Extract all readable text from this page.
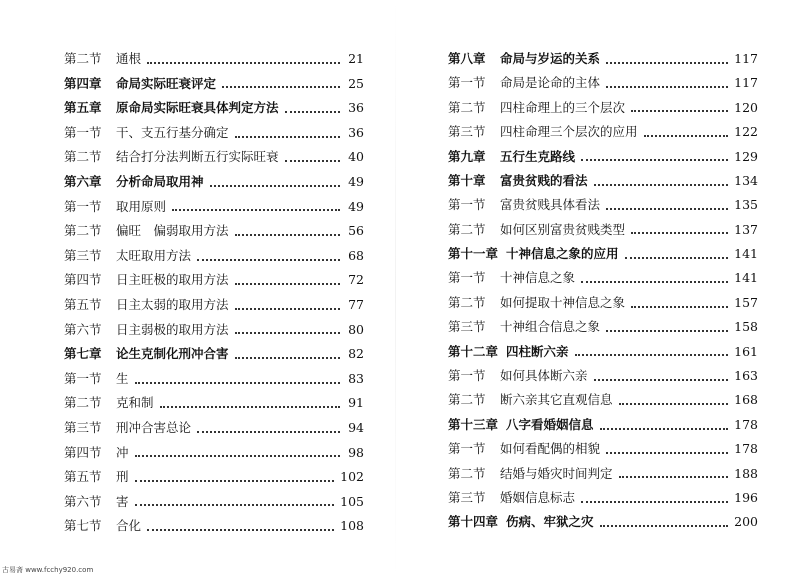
第二节	通根	21
第四章	命局实际旺衰评定	25
第五章	原命局实际旺衰具体判定方法	36
第一节	干、支五行基分确定	36
第二节	结合打分法判断五行实际旺衰	40
第六章	分析命局取用神	49
第一节	取用原则	49
第二节	偏旺　偏弱取用方法	56
第三节	太旺取用方法	68
第四节	日主旺极的取用方法	72
第五节	日主太弱的取用方法	77
第六节	日主弱极的取用方法	80
第七章	论生克制化刑冲合害	82
第一节	生	83
第二节	克和制	91
第三节	刑冲合害总论	94
第四节	冲	98
第五节	刑	102
第六节	害	105
第七节	合化	108
第八章	命局与岁运的关系	117
第一节	命局是论命的主体	117
第二节	四柱命理上的三个层次	120
第三节	四柱命理三个层次的应用	122
第九章	五行生克路线	129
第十章	富贵贫贱的看法	134
第一节	富贵贫贱具体看法	135
第二节	如何区别富贵贫贱类型	137
第十一章 十神信息之象的应用	141
第一节	十神信息之象	141
第二节	如何提取十神信息之象	157
第三节	十神组合信息之象	158
第十二章 四柱断六亲	161
第一节	如何具体断六亲	163
第二节	断六亲其它直观信息	168
第十三章 八字看婚姻信息	178
第一节	如何看配偶的相貌	178
第二节	结婚与婚灾时间判定	188
第三节	婚姻信息标志	196
第十四章 伤病、牢狱之灾	200
古易斋 www.fcchy920.com
